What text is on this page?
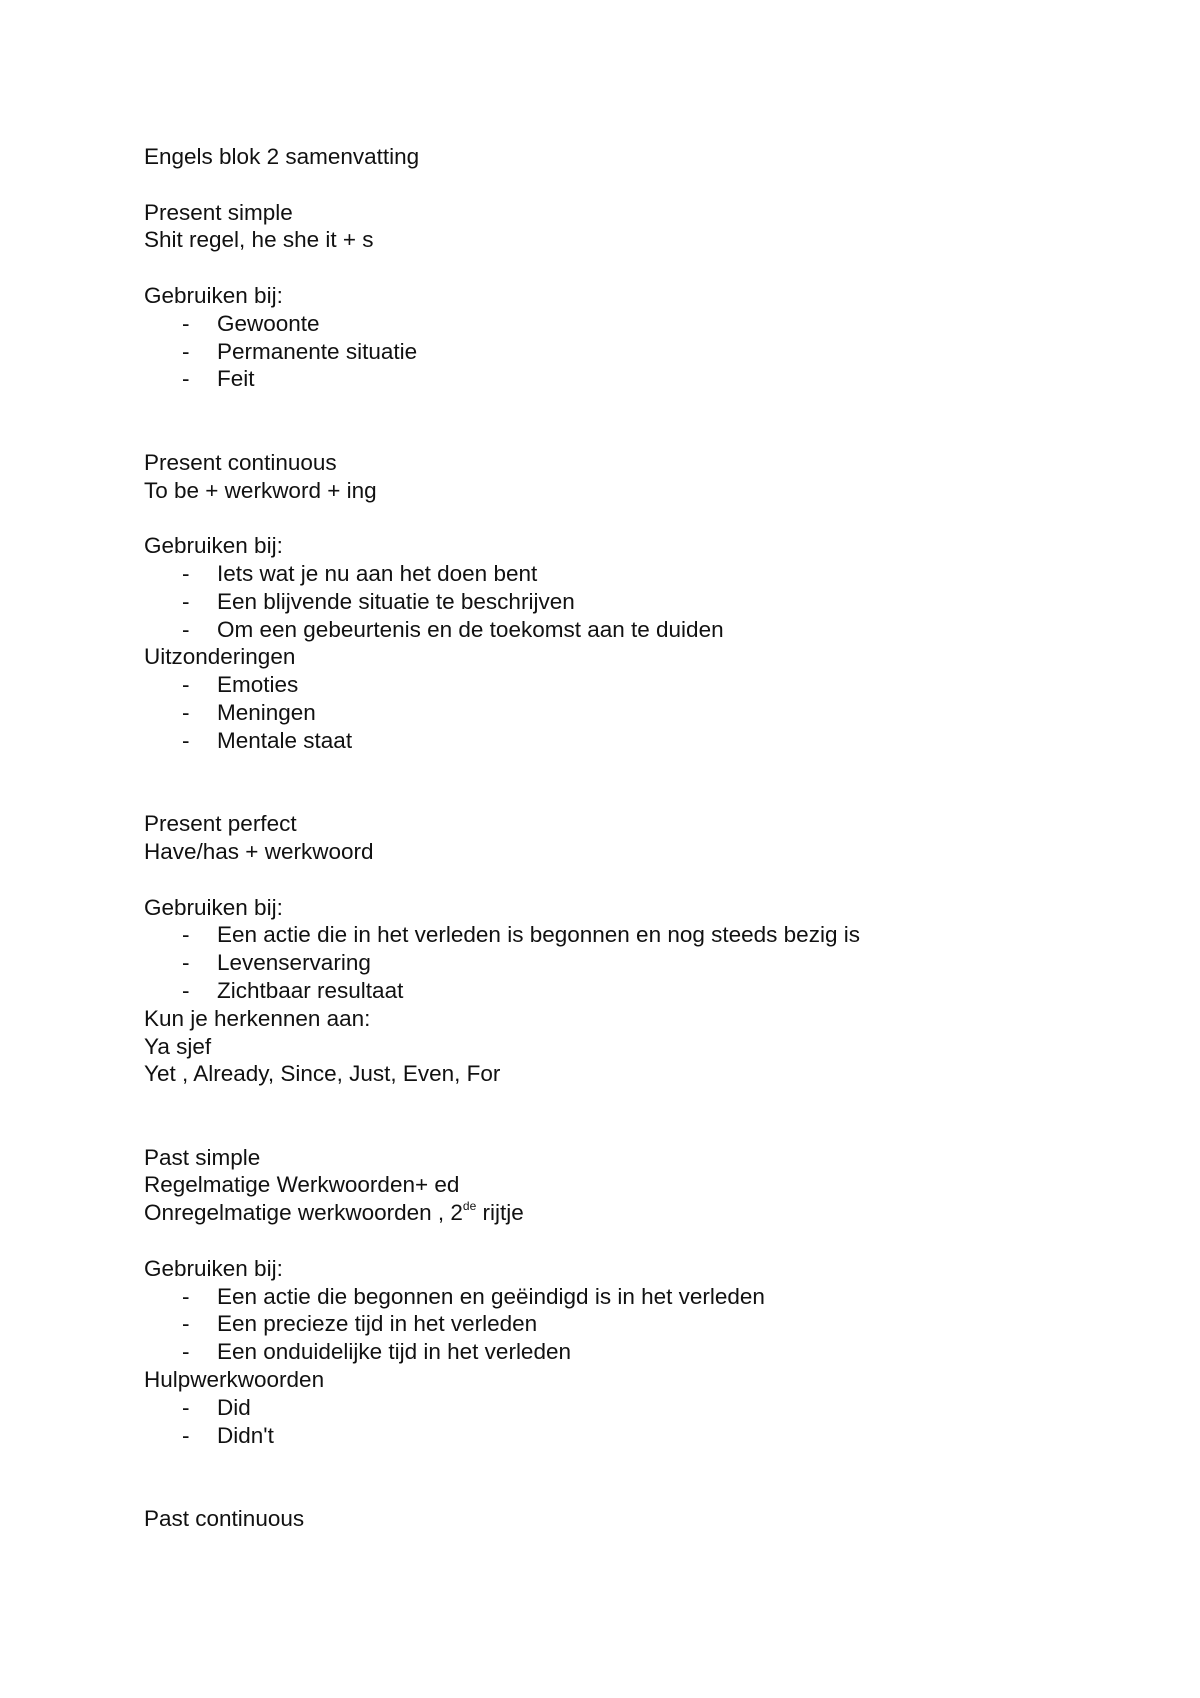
Engels blok 2 samenvatting
Present simple
Shit regel, he she it + s
Gebruiken bij:
- Gewoonte
- Permanente situatie
- Feit
Present continuous
To be + werkword + ing
Gebruiken bij:
- Iets wat je nu aan het doen bent
- Een blijvende situatie te beschrijven
- Om een gebeurtenis en de toekomst aan te duiden
Uitzonderingen
- Emoties
- Meningen
- Mentale staat
Present perfect
Have/has + werkwoord
Gebruiken bij:
- Een actie die in het verleden is begonnen en nog steeds bezig is
- Levenservaring
- Zichtbaar resultaat
Kun je herkennen aan:
Ya sjef
Yet , Already, Since, Just, Even, For
Past simple
Regelmatige Werkwoorden+ ed
Onregelmatige werkwoorden , 2de rijtje
Gebruiken bij:
- Een actie die begonnen en geëindigd is in het verleden
- Een precieze tijd in het verleden
- Een onduidelijke tijd in het verleden
Hulpwerkwoorden
- Did
- Didn't
Past continuous
